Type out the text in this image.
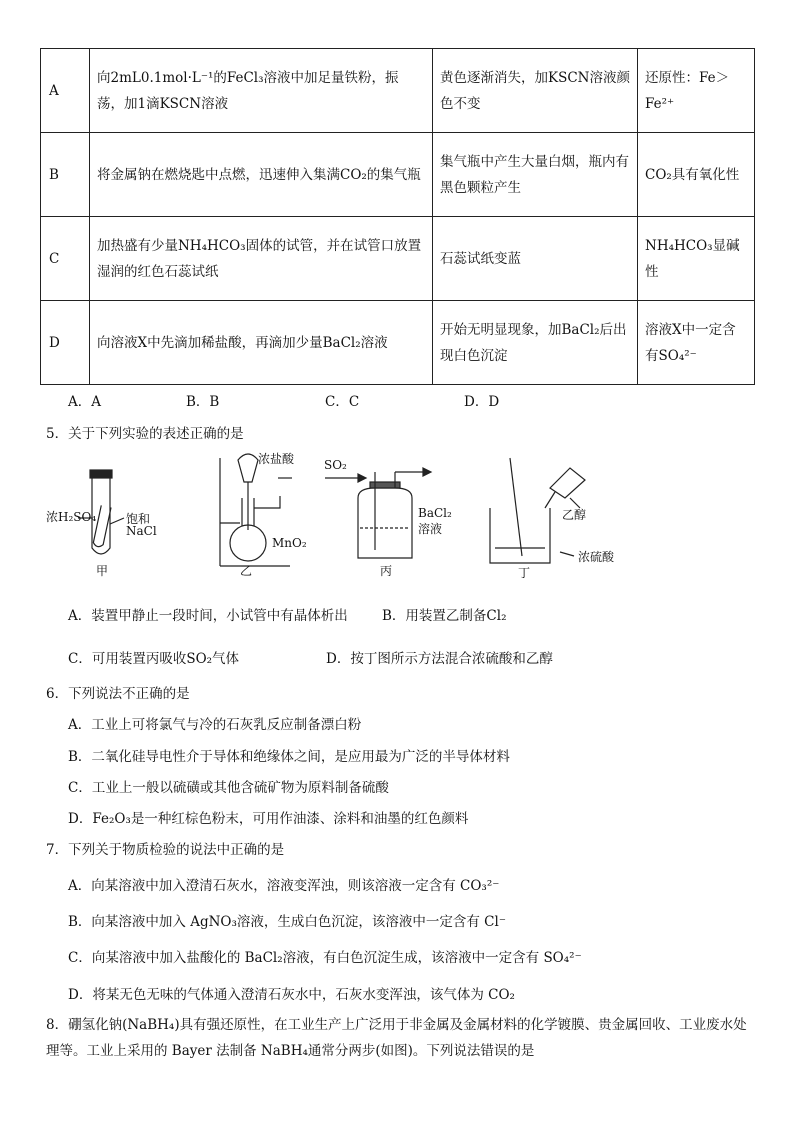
A	向2mL0.1mol·L⁻¹的FeCl₃溶液中加足量铁粉，振荡，加1滴KSCN溶液	黄色逐渐消失，加KSCN溶液颜色不变	还原性：Fe＞Fe²⁺
B	将金属钠在燃烧匙中点燃，迅速伸入集满CO₂的集气瓶	集气瓶中产生大量白烟，瓶内有黑色颗粒产生	CO₂具有氧化性
C	加热盛有少量NH₄HCO₃固体的试管，并在试管口放置湿润的红色石蕊试纸	石蕊试纸变蓝	NH₄HCO₃显碱性
D	向溶液X中先滴加稀盐酸，再滴加少量BaCl₂溶液	开始无明显现象，加BaCl₂后出现白色沉淀	溶液X中一定含有SO₄²⁻
A．A	B．B	C．C	D．D
5．关于下列实验的表述正确的是
浓H₂SO₄ 饱和
NaCl
甲
浓盐酸
MnO₂
乙
SO₂
BaCl₂
溶液
丙
乙醇
浓硫酸
丁
A．装置甲静止一段时间，小试管中有晶体析出	B．用装置乙制备Cl₂
C．可用装置丙吸收SO₂气体	D．按丁图所示方法混合浓硫酸和乙醇
6．下列说法不正确的是
A．工业上可将氯气与冷的石灰乳反应制备漂白粉
B．二氧化硅导电性介于导体和绝缘体之间，是应用最为广泛的半导体材料
C．工业上一般以硫磺或其他含硫矿物为原料制备硫酸
D．Fe₂O₃是一种红棕色粉末，可用作油漆、涂料和油墨的红色颜料
7．下列关于物质检验的说法中正确的是
A．向某溶液中加入澄清石灰水，溶液变浑浊，则该溶液一定含有 CO₃²⁻
B．向某溶液中加入 AgNO₃溶液，生成白色沉淀，该溶液中一定含有 Cl⁻
C．向某溶液中加入盐酸化的 BaCl₂溶液，有白色沉淀生成，该溶液中一定含有 SO₄²⁻
D．将某无色无味的气体通入澄清石灰水中，石灰水变浑浊，该气体为 CO₂
8．硼氢化钠(NaBH₄)具有强还原性，在工业生产上广泛用于非金属及金属材料的化学镀膜、贵金属回收、工业废水处理等。工业上采用的 Bayer 法制备 NaBH₄通常分两步(如图)。下列说法错误的是
